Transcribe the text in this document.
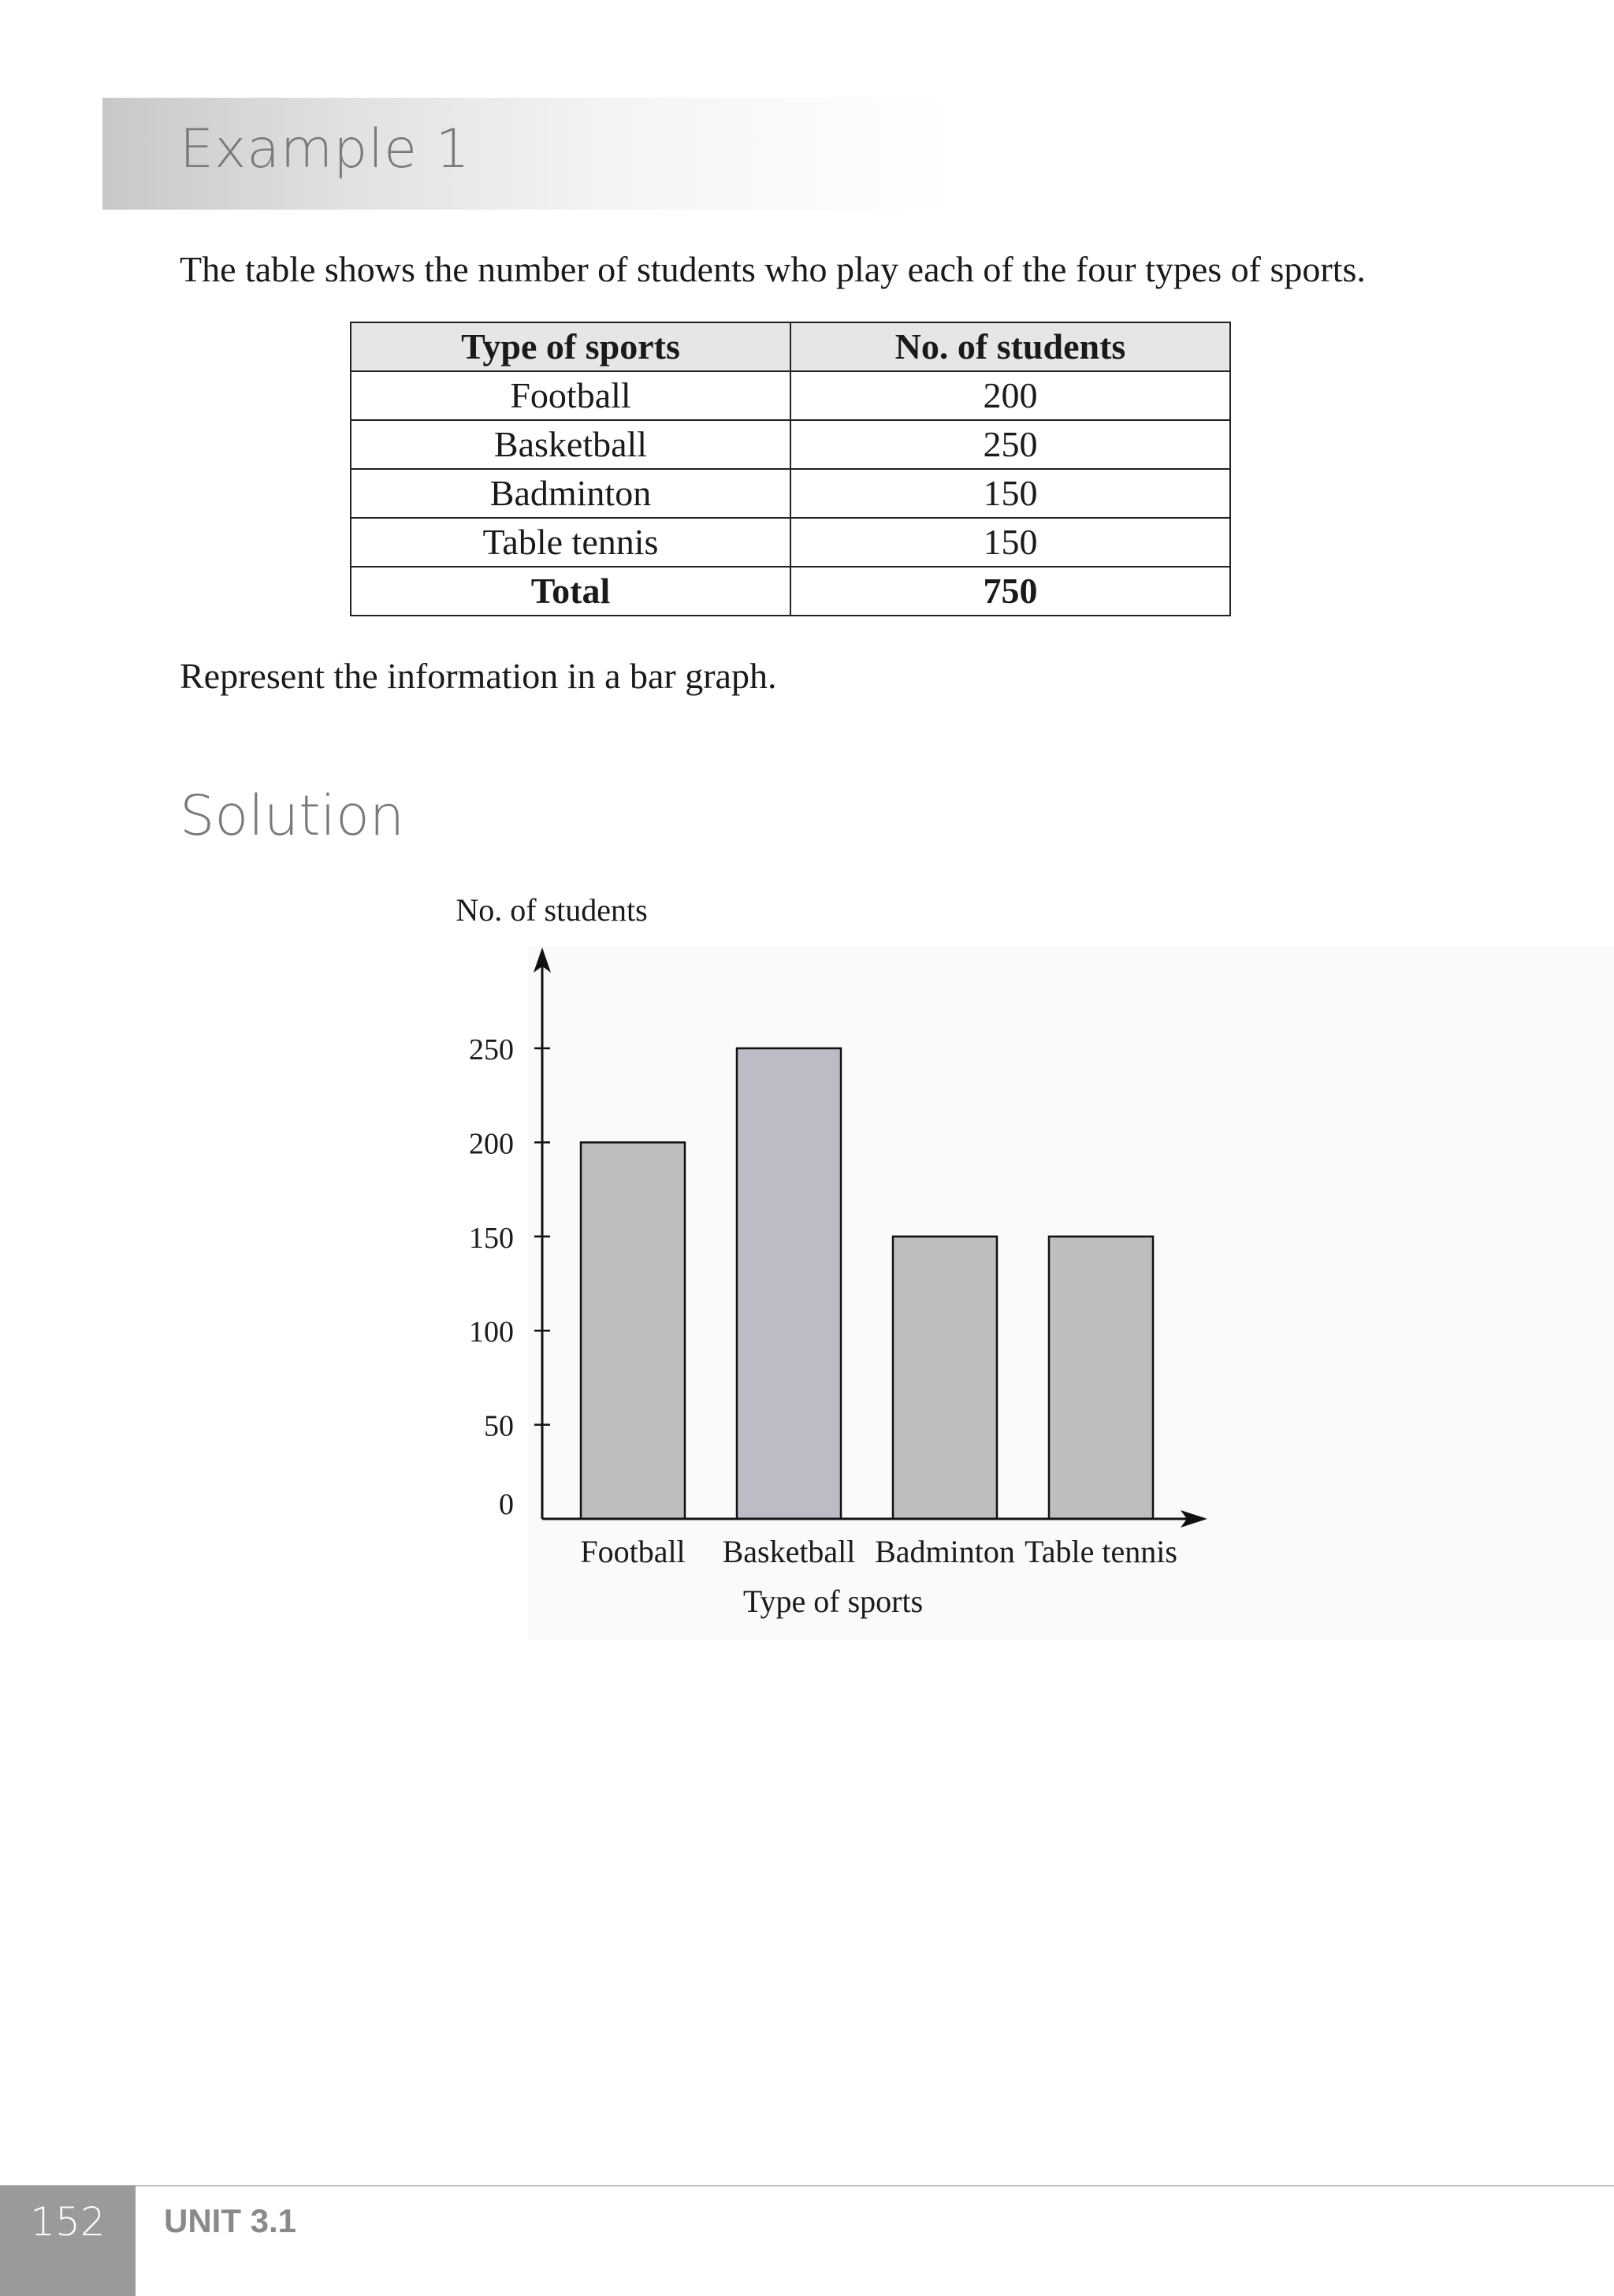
Example 1
The table shows the number of students who play each of the four types of sports.
Type of sports	No. of students
Football	200
Basketball	250
Badminton	150
Table tennis	150
Total	750
Represent the information in a bar graph.
Solution
Football Basketball Badminton Table tennis
0
50
100
150
200
250
No. of students
Type of sports
152	UNIT 3.1
